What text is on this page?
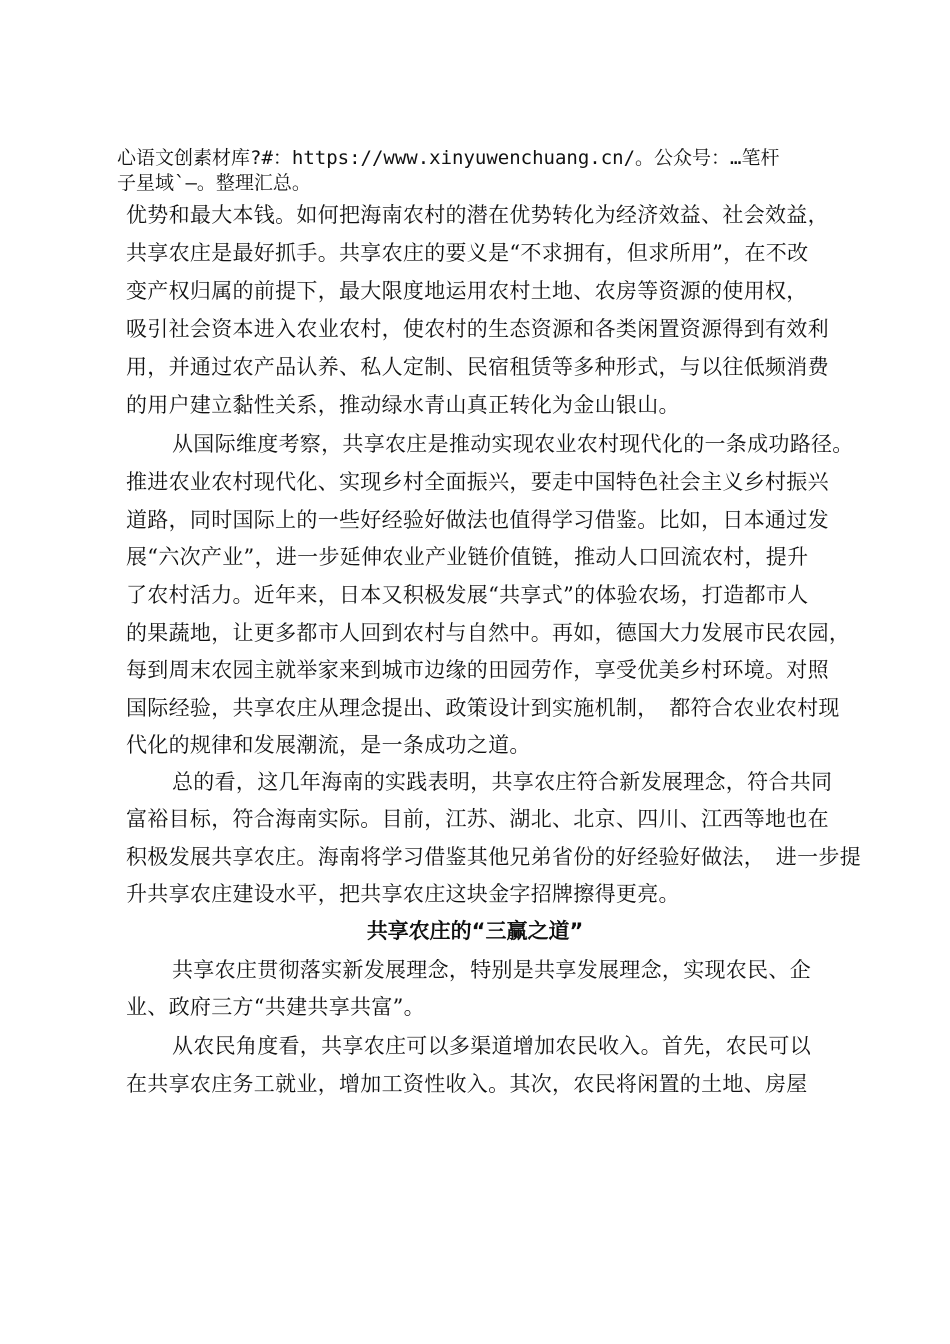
心语文创素材库?#：https://www.xinyuwenchuang.cn/。公众号：…笔杆
子星域`—。整理汇总。
优势和最大本钱。如何把海南农村的潜在优势转化为经济效益、社会效益，
共享农庄是最好抓手。共享农庄的要义是“不求拥有，但求所用”，在不改
变产权归属的前提下，最大限度地运用农村土地、农房等资源的使用权，
吸引社会资本进入农业农村，使农村的生态资源和各类闲置资源得到有效利
用，并通过农产品认养、私人定制、民宿租赁等多种形式，与以往低频消费
的用户建立黏性关系，推动绿水青山真正转化为金山银山。
从国际维度考察，共享农庄是推动实现农业农村现代化的一条成功路径。
推进农业农村现代化、实现乡村全面振兴，要走中国特色社会主义乡村振兴
道路，同时国际上的一些好经验好做法也值得学习借鉴。比如，日本通过发
展“六次产业”，进一步延伸农业产业链价值链，推动人口回流农村，提升
了农村活力。近年来，日本又积极发展“共享式”的体验农场，打造都市人
的果蔬地，让更多都市人回到农村与自然中。再如，德国大力发展市民农园，
每到周末农园主就举家来到城市边缘的田园劳作，享受优美乡村环境。对照
国际经验，共享农庄从理念提出、政策设计到实施机制，　都符合农业农村现
代化的规律和发展潮流，是一条成功之道。
总的看，这几年海南的实践表明，共享农庄符合新发展理念，符合共同
富裕目标，符合海南实际。目前，江苏、湖北、北京、四川、江西等地也在
积极发展共享农庄。海南将学习借鉴其他兄弟省份的好经验好做法，　进一步提
升共享农庄建设水平，把共享农庄这块金字招牌擦得更亮。
共享农庄的“三赢之道”
共享农庄贯彻落实新发展理念，特别是共享发展理念，实现农民、企
业、政府三方“共建共享共富”。
从农民角度看，共享农庄可以多渠道增加农民收入。首先，农民可以
在共享农庄务工就业，增加工资性收入。其次，农民将闲置的土地、房屋
